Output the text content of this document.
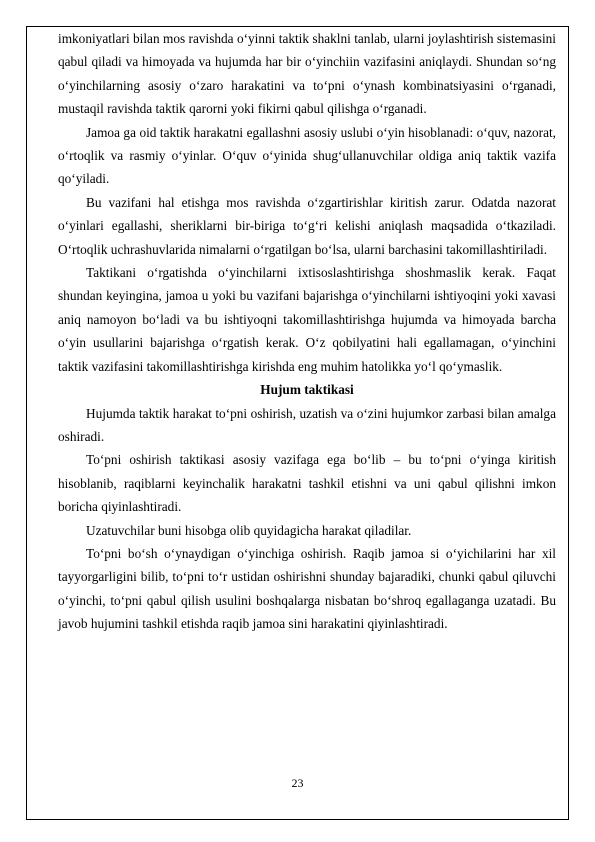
imkoniyatlari bilan mos ravishda o‘yinni taktik shaklni tanlab, ularni joylashtirish sistemasini qabul qiladi va himoyada va hujumda har bir o‘yinchiin vazifasini aniqlaydi. Shundan so‘ng o‘yinchilarning asosiy o‘zaro harakatini va to‘pni o‘ynash kombinatsiyasini o‘rganadi, mustaqil ravishda taktik qarorni yoki fikirni qabul qilishga o‘rganadi.

Jamoa ga oid taktik harakatni egallashni asosiy uslubi o‘yin hisoblanadi: o‘quv, nazorat, o‘rtoqlik va rasmiy o‘yinlar. O‘quv o‘yinida shug‘ullanuvchilar oldiga aniq taktik vazifa qo‘yiladi.

Bu vazifani hal etishga mos ravishda o‘zgartirishlar kiritish zarur. Odatda nazorat o‘yinlari egallashi, sheriklarni bir-biriga to‘g‘ri kelishi aniqlash maqsadida o‘tkaziladi. O‘rtoqlik uchrashuvlarida nimalarni o‘rgatilgan bo‘lsa, ularni barchasini takomillashtiriladi.

Taktikani o‘rgatishda o‘yinchilarni ixtisoslashtirishga shoshmaslik kerak. Faqat shundan keyingina, jamoa u yoki bu vazifani bajarishga o‘yinchilarni ishtiyoqini yoki xavasi aniq namoyon bo‘ladi va bu ishtiyoqni takomillashtirishga hujumda va himoyada barcha o‘yin usullarini bajarishga o‘rgatish kerak. O‘z qobilyatini hali egallamagan, o‘yinchini taktik vazifasini takomillashtirishga kirishda eng muhim hatolikka yo‘l qo‘ymaslik.

Hujum taktikasi

Hujumda taktik harakat to‘pni oshirish, uzatish va o‘zini hujumkor zarbasi bilan amalga oshiradi.

To‘pni oshirish taktikasi asosiy vazifaga ega bo‘lib – bu to‘pni o‘yinga kiritish hisoblanib, raqiblarni keyinchalik harakatni tashkil etishni va uni qabul qilishni imkon boricha qiyinlashtiradi.

Uzatuvchilar buni hisobga olib quyidagicha harakat qiladilar.

To‘pni bo‘sh o‘ynaydigan o‘yinchiga oshirish. Raqib jamoa si o‘yichilarini har xil tayyorgarligini bilib, to‘pni to‘r ustidan oshirishni shunday bajaradiki, chunki qabul qiluvchi o‘yinchi, to‘pni qabul qilish usulini boshqalarga nisbatan bo‘shroq egallaganga uzatadi. Bu javob hujumini tashkil etishda raqib jamoa sini harakatini qiyinlashtiradi.

23
